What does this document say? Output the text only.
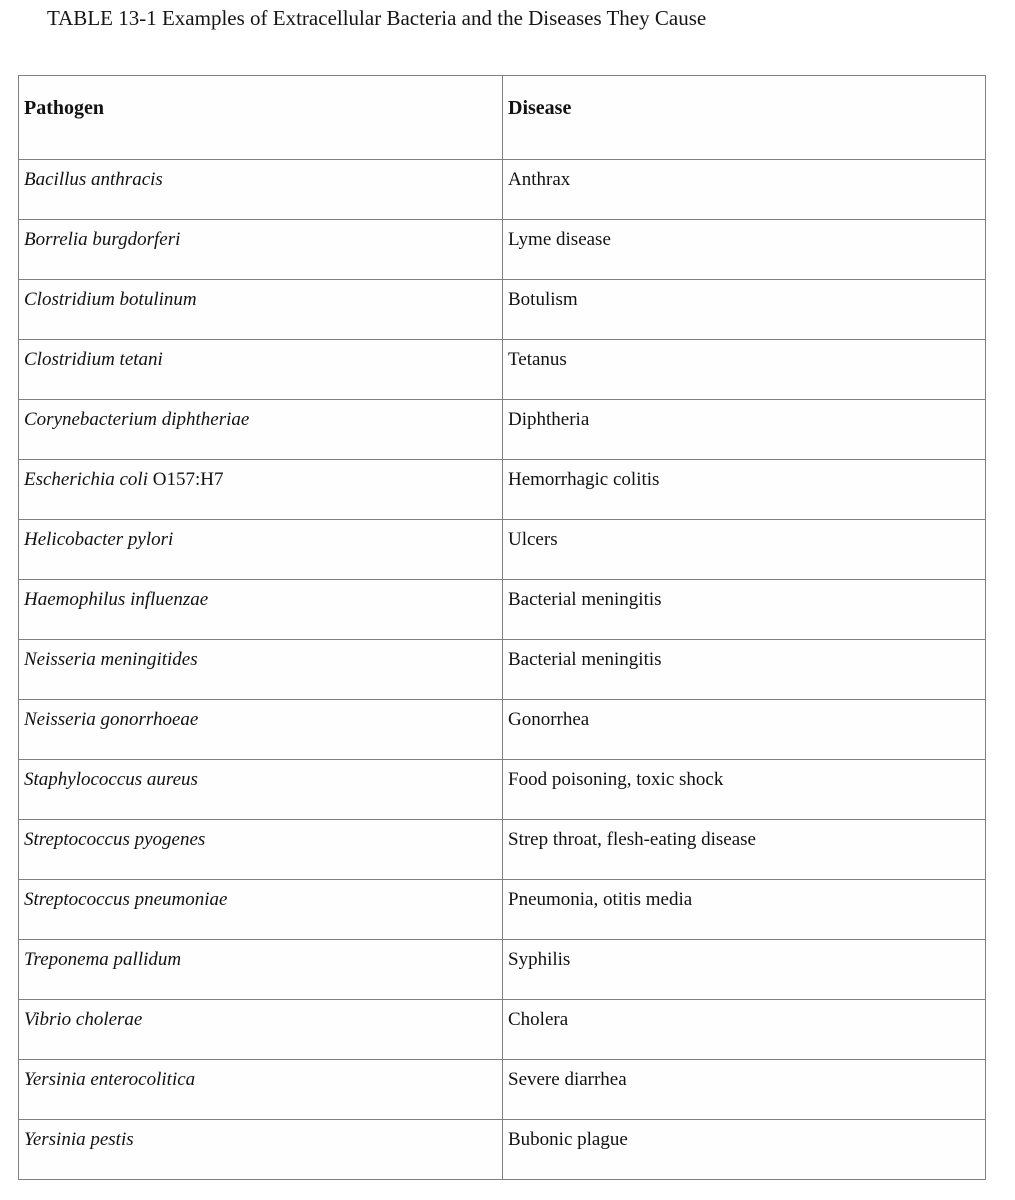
TABLE 13-1 Examples of Extracellular Bacteria and the Diseases They Cause
Pathogen	Disease
Bacillus anthracis	Anthrax
Borrelia burgdorferi	Lyme disease
Clostridium botulinum	Botulism
Clostridium tetani	Tetanus
Corynebacterium diphtheriae	Diphtheria
Escherichia coli O157:H7	Hemorrhagic colitis
Helicobacter pylori	Ulcers
Haemophilus influenzae	Bacterial meningitis
Neisseria meningitides	Bacterial meningitis
Neisseria gonorrhoeae	Gonorrhea
Staphylococcus aureus	Food poisoning, toxic shock
Streptococcus pyogenes	Strep throat, flesh-eating disease
Streptococcus pneumoniae	Pneumonia, otitis media
Treponema pallidum	Syphilis
Vibrio cholerae	Cholera
Yersinia enterocolitica	Severe diarrhea
Yersinia pestis	Bubonic plague
